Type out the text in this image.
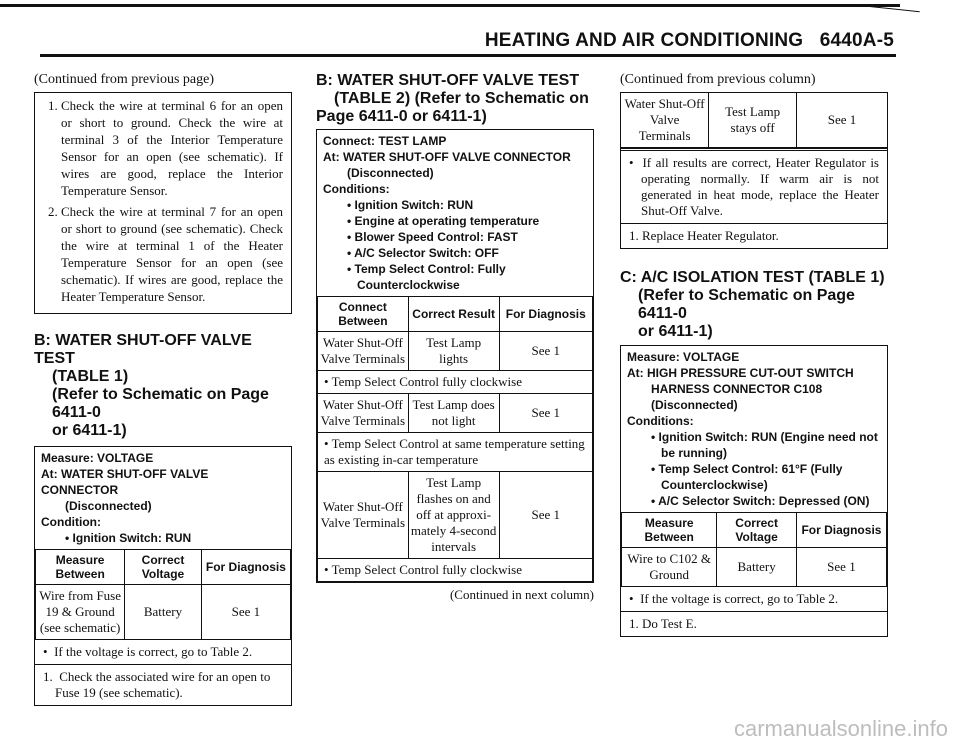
HEATING AND AIR CONDITIONING 6440A-5

(Continued from previous page)

1. Check the wire at terminal 6 for an open or short to ground. Check the wire at terminal 3 of the Interior Temperature Sensor for an open (see schematic). If wires are good, replace the Interior Temperature Sensor.
2. Check the wire at terminal 7 for an open or short to ground (see schematic). Check the wire at terminal 1 of the Heater Temperature Sensor for an open (see schematic). If wires are good, replace the Heater Temperature Sensor.
B: WATER SHUT-OFF VALVE TEST
(TABLE 1)
(Refer to Schematic on Page 6411-0
or 6411-1)
Measure: VOLTAGE
At: WATER SHUT-OFF VALVE CONNECTOR
(Disconnected)
Condition:
• Ignition Switch: RUN
Measure Between	Correct Voltage	For Diagnosis
Wire from Fuse 19 & Ground (see schematic)	Battery	See 1
•  If the voltage is correct, go to Table 2.
1.  Check the associated wire for an open to Fuse 19 (see schematic).
B: WATER SHUT-OFF VALVE TEST
(TABLE 2) (Refer to Schematic on
Page 6411-0 or 6411-1)
Connect: TEST LAMP
At: WATER SHUT-OFF VALVE CONNECTOR
(Disconnected)
Conditions:
• Ignition Switch: RUN
• Engine at operating temperature
• Blower Speed Control: FAST
• A/C Selector Switch: OFF
• Temp Select Control: Fully
Counterclockwise
Connect Between	Correct Result	For Diagnosis
Water Shut-Off Valve Terminals	Test Lamp lights	See 1
• Temp Select Control fully clockwise		
Water Shut-Off Valve Terminals	Test Lamp does not light	See 1
• Temp Select Control at same temperature setting as existing in-car temperature		
Water Shut-Off Valve Terminals	Test Lamp flashes on and off at approxi-mately 4-second intervals	See 1
• Temp Select Control fully clockwise		
(Continued in next column)

(Continued from previous column)

Water Shut-Off Valve Terminals	Test Lamp stays off	See 1
•  If all results are correct, Heater Regulator is operating normally. If warm air is not generated in heat mode, replace the Heater Shut-Off Valve.
1. Replace Heater Regulator.
C: A/C ISOLATION TEST (TABLE 1)
(Refer to Schematic on Page 6411-0
or 6411-1)
Measure: VOLTAGE
At: HIGH PRESSURE CUT-OUT SWITCH
HARNESS CONNECTOR C108
(Disconnected)
Conditions:
• Ignition Switch: RUN (Engine need not
be running)
• Temp Select Control: 61°F (Fully
Counterclockwise)
• A/C Selector Switch: Depressed (ON)
Measure Between	Correct Voltage	For Diagnosis
Wire to C102 & Ground	Battery	See 1
•  If the voltage is correct, go to Table 2.
1. Do Test E.
carmanualsonline.info
